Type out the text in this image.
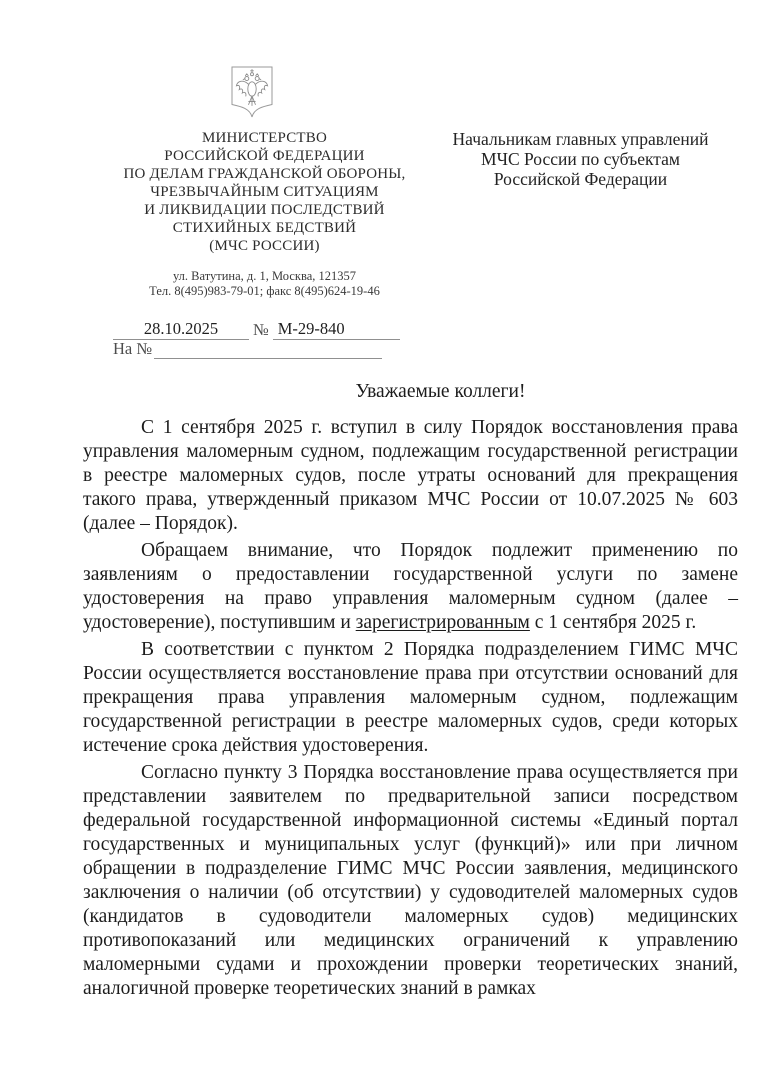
МИНИСТЕРСТВО
РОССИЙСКОЙ ФЕДЕРАЦИИ
ПО ДЕЛАМ ГРАЖДАНСКОЙ ОБОРОНЫ,
ЧРЕЗВЫЧАЙНЫМ СИТУАЦИЯМ
И ЛИКВИДАЦИИ ПОСЛЕДСТВИЙ
СТИХИЙНЫХ БЕДСТВИЙ
(МЧС РОССИИ)
ул. Ватутина, д. 1, Москва, 121357
Тел. 8(495)983-79-01; факс 8(495)624-19-46
Начальникам главных управлений
МЧС России по субъектам
Российской Федерации
28.10.2025	№ М-29-840
На №
Уважаемые коллеги!

С 1 сентября 2025 г. вступил в силу Порядок восстановления права управления маломерным судном, подлежащим государственной регистрации в реестре маломерных судов, после утраты оснований для прекращения такого права, утвержденный приказом МЧС России от 10.07.2025 № 603 (далее – Порядок).

Обращаем внимание, что Порядок подлежит применению по заявлениям о предоставлении государственной услуги по замене удостоверения на право управления маломерным судном (далее – удостоверение), поступившим и зарегистрированным с 1 сентября 2025 г.

В соответствии с пунктом 2 Порядка подразделением ГИМС МЧС России осуществляется восстановление права при отсутствии оснований для прекращения права управления маломерным судном, подлежащим государственной регистрации в реестре маломерных судов, среди которых истечение срока действия удостоверения.

Согласно пункту 3 Порядка восстановление права осуществляется при представлении заявителем по предварительной записи посредством федеральной государственной информационной системы «Единый портал государственных и муниципальных услуг (функций)» или при личном обращении в подразделение ГИМС МЧС России заявления, медицинского заключения о наличии (об отсутствии) у судоводителей маломерных судов (кандидатов в судоводители маломерных судов) медицинских противопоказаний или медицинских ограничений к управлению маломерными судами и прохождении проверки теоретических знаний, аналогичной проверке теоретических знаний в рамках
